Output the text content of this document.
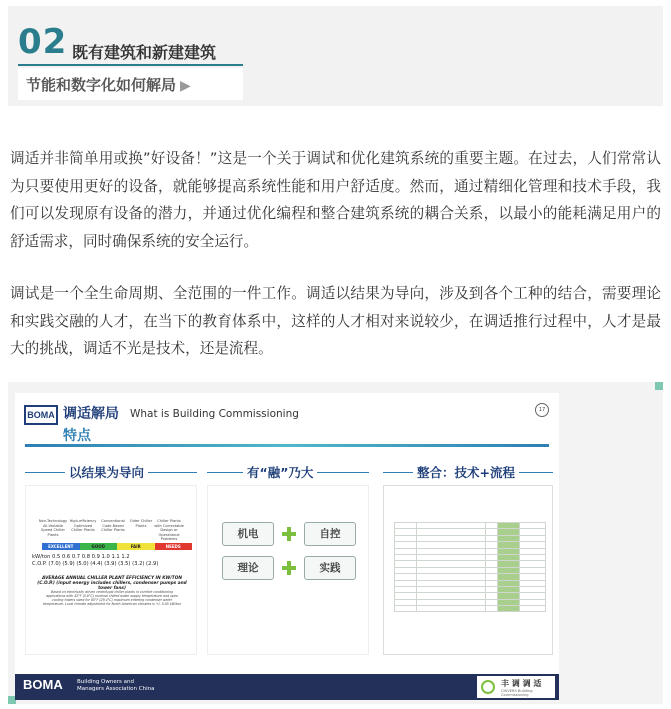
02 既有建筑和新建建筑
节能和数字化如何解局 ▶

调适并非简单用或换”好设备！”这是一个关于调试和优化建筑系统的重要主题。在过去，人们常常认为只要使用更好的设备，就能够提高系统性能和用户舒适度。然而，通过精细化管理和技术手段，我们可以发现原有设备的潜力，并通过优化编程和整合建筑系统的耦合关系，以最小的能耗满足用户的舒适需求，同时确保系统的安全运行。

调试是一个全生命周期、全范围的一件工作。调适以结果为导向，涉及到各个工种的结合，需要理论 和实践交融的人才，在当下的教育体系中，这样的人才相对来说较少，在调适推行过程中，人才是最大的挑战，调适不光是技术，还是流程。

BOMA 调适解局 What is Building Commissioning
特点
17
以结果为导向	有“融”乃大	整合：技术+流程
Non-Technology All-Variable Speed Chiller Plants
High-efficiency Optimized Chiller Plants
Conventional Code Based Chiller Plants
Older Chiller Plants
Chiller Plants with Correctable Design or Operational Problems
EXCELLENT	GOOD	FAIR	NEEDS IMPROVEMENT
kW/ton 0.5 0.6 0.7 0.8 0.9 1.0 1.1 1.2
C.O.P. (7.0) (5.9) (5.0) (4.4) (3.9) (3.5) (3.2) (2.9)
AVERAGE ANNUAL CHILLER PLANT EFFICIENCY IN KW/TON (C.O.P.) (input energy includes chillers, condenser pumps and tower fans)
Based on electrically driven centrifugal chiller plants in comfort conditioning applications with 42°F (5.6°C) nominal chilled water supply temperature and open cooling towers sized for 85°F (29.4°C) maximum entering condenser water temperature. Local climate adjustment for North American climates is +/- 0.05 kW/ton
机电	自控
理论	实践

BOMA	Building Owners and
Managers Association China
丰 调 调 适
CHIVERS Building Commissioning
